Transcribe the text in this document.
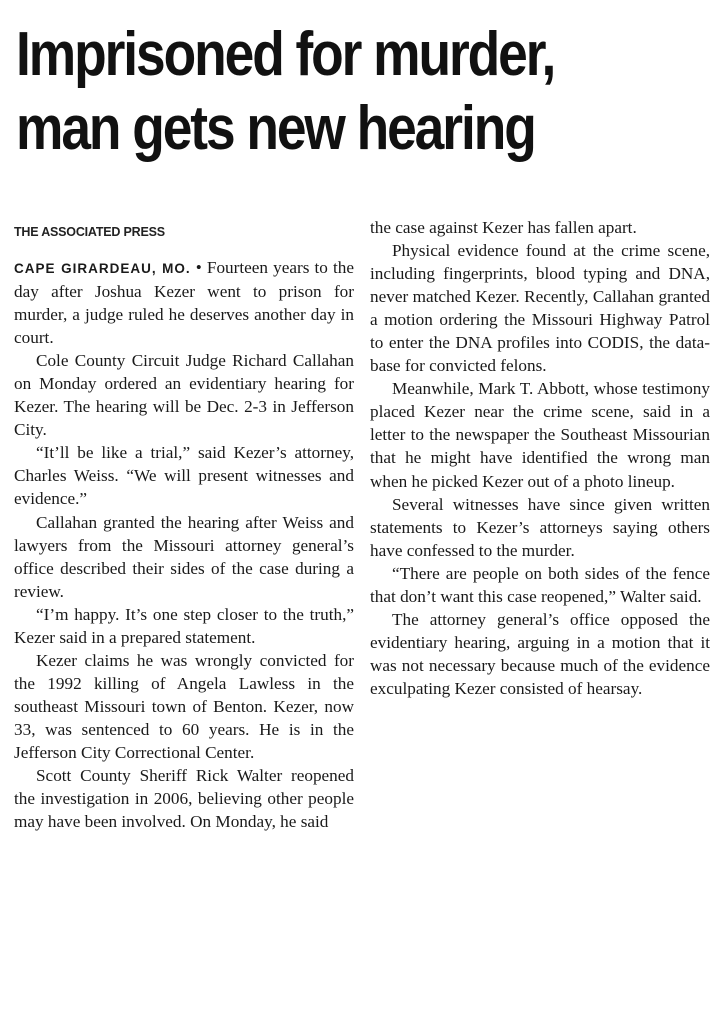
Imprisoned for murder,
man gets new hearing
THE ASSOCIATED PRESS

CAPE GIRARDEAU, MO. • Fourteen years to the day after Joshua Kezer went to prison for murder, a judge ruled he deserves another day in court.

Cole County Circuit Judge Richard Callahan on Monday ordered an evidentiary hearing for Kezer. The hearing will be Dec. 2-3 in Jefferson City.

“It’ll be like a trial,” said Kezer’s attorney, Charles Weiss. “We will present witnesses and evidence.”

Callahan granted the hearing after Weiss and lawyers from the Missouri attorney general’s office described their sides of the case during a review.

“I’m happy. It’s one step closer to the truth,” Kezer said in a prepared statement.

Kezer claims he was wrongly convicted for the 1992 killing of Angela Lawless in the southeast Missouri town of Benton. Kezer, now 33, was sentenced to 60 years. He is in the Jefferson City Correctional Center.

Scott County Sheriff Rick Walter reopened the investigation in 2006, believing other people may have been involved. On Monday, he said

the case against Kezer has fallen apart.

Physical evidence found at the crime scene, including fingerprints, blood typing and DNA, never matched Kezer. Recently, Callahan granted a motion ordering the Missouri Highway Patrol to enter the DNA profiles into CODIS, the database for convicted felons.

Meanwhile, Mark T. Abbott, whose testimony placed Kezer near the crime scene, said in a letter to the newspaper the Southeast Missourian that he might have identified the wrong man when he picked Kezer out of a photo lineup.

Several witnesses have since given written statements to Kezer’s attorneys saying others have confessed to the murder.

“There are people on both sides of the fence that don’t want this case reopened,” Walter said.

The attorney general’s office opposed the evidentiary hearing, arguing in a motion that it was not necessary because much of the evidence exculpating Kezer consisted of hearsay.
